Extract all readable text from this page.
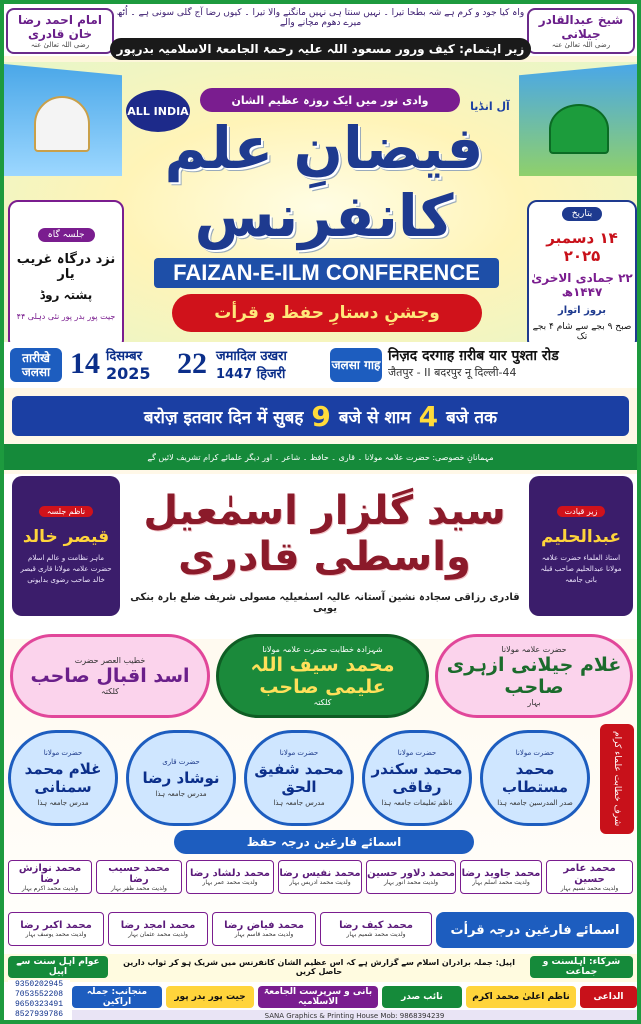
واہ کیا جود و کرم ہے شہ بطحا تیرا ۔ نہیں سنتا ہی نہیں مانگنے والا تیرا ۔ کیوں رضا آج گلی سونی ہے ۔ اُٹھ میرے دھوم مچانے والے
امام احمد رضا خان قادری
رضی اللہ تعالیٰ عنہ
شیخ عبدالقادر جیلانی
رضی اللہ تعالیٰ عنہ
زیر اہتمام: کیف ورور مسعود اللہ علیہ رحمۃ الجامعۃ الاسلامیہ بدرپور
ALL INDIA
وادی نور میں ایک روزہ عظیم الشان	آل انڈیا
فیضانِ علم کانفرنس
FAIZAN-E-ILM CONFERENCE
وجشنِ دستارِ حفظ و قرأت
جلسہ گاہ
نزد درگاہ غریب یار
پشتہ روڈ
جیت پور بدر پور نئی دہلی ۴۴
بتاریخ
۱۴ دسمبر ۲۰۲۵
۲۲ جمادی الاخریٰ ۱۴۴۷ھ
بروز اتوار
صبح ۹ بجے سے شام ۴ بجے تک
तारीखे जलसा 14 दिसम्बर
2025 22 जमादिल उखरा
1447 हिजरी
जलसा गाह
निज़द दरगाह ग़रीब यार पुश्ता रोड
जैतपुर - II बदरपुर नू दिल्ली-44
बरोज़ इतवार दिन में सुबह 9 बजे से शाम 4 बजे तक
مہمانانِ خصوصی: حضرت علامہ مولانا ۔ قاری ۔ حافظ ۔ شاعر ۔ اور دیگر علمائے کرام تشریف لائیں گے
ناظم جلسہ
قیصر خالد
ماہر نظامت و عالم اسلام حضرت علامہ مولانا قاری قیصر خالد صاحب رضوی بدایونی
زیر قیادت
عبدالحلیم
استاذ العلماء حضرت علامہ مولانا عبدالحلیم صاحب قبلہ بانی جامعہ
سید گلزار اسمٰعیل واسطی قادری
قادری رزاقی سجادہ نشین آستانہ عالیہ اسمٰعیلیہ مسولی شریف ضلع بارہ بنکی یوپی
خطیب العصر حضرت
اسد اقبال صاحب
کلکتہ
شہزادہ خطابت حضرت علامہ مولانا
محمد سیف اللہ علیمی صاحب
کلکتہ
حضرت علامہ مولانا
غلام جیلانی ازہری صاحب
بہار
حضرت مولانا
غلام محمد سمنانی
مدرس جامعہ ہذا
حضرت قاری
نوشاد رضا
مدرس جامعہ ہذا
حضرت مولانا
محمد شفیق الحق
مدرس جامعہ ہذا
حضرت مولانا
محمد سکندر رفاقی
ناظم تعلیمات جامعہ ہذا
حضرت مولانا
محمد مستطاب
صدر المدرسین جامعہ ہذا	شرف خطابت علماء کرام
اسمائے فارغین درجہ حفظ
محمد نوازش رضا
ولدیت محمد اکرم بہار
محمد حسیب رضا
ولدیت محمد ظفر بہار
محمد دلشاد رضا
ولدیت محمد عمر بہار
محمد نفیس رضا
ولدیت محمد ادریس بہار
محمد دلاور حسین
ولدیت محمد انور بہار
محمد جاوید رضا
ولدیت محمد اسلم بہار
محمد عامر حسین
ولدیت محمد نسیم بہار
محمد اکبر رضا
ولدیت محمد یوسف بہار
محمد امجد رضا
ولدیت محمد عثمان بہار
محمد فیاض رضا
ولدیت محمد قاسم بہار
محمد کیف رضا
ولدیت محمد شمیم بہار	اسمائے فارغین درجہ قرأت
عوام اہل سنت سے اپیل
اپیل: جملہ برادران اسلام سے گزارش ہے کہ اس عظیم الشان کانفرنس میں شریک ہو کر ثواب دارین حاصل کریں
شرکاء: اہلسنت و جماعت
9350202945
7053552208
9650323491
8527939786
منجانب: جملہ اراکین	جیت پور بدر پور	بانی و سرپرست الجامعۃ الاسلامیہ	نائب صدر	ناظم اعلیٰ محمد اکرم	الداعی
SANA Graphics & Printing House Mob: 9868394239
